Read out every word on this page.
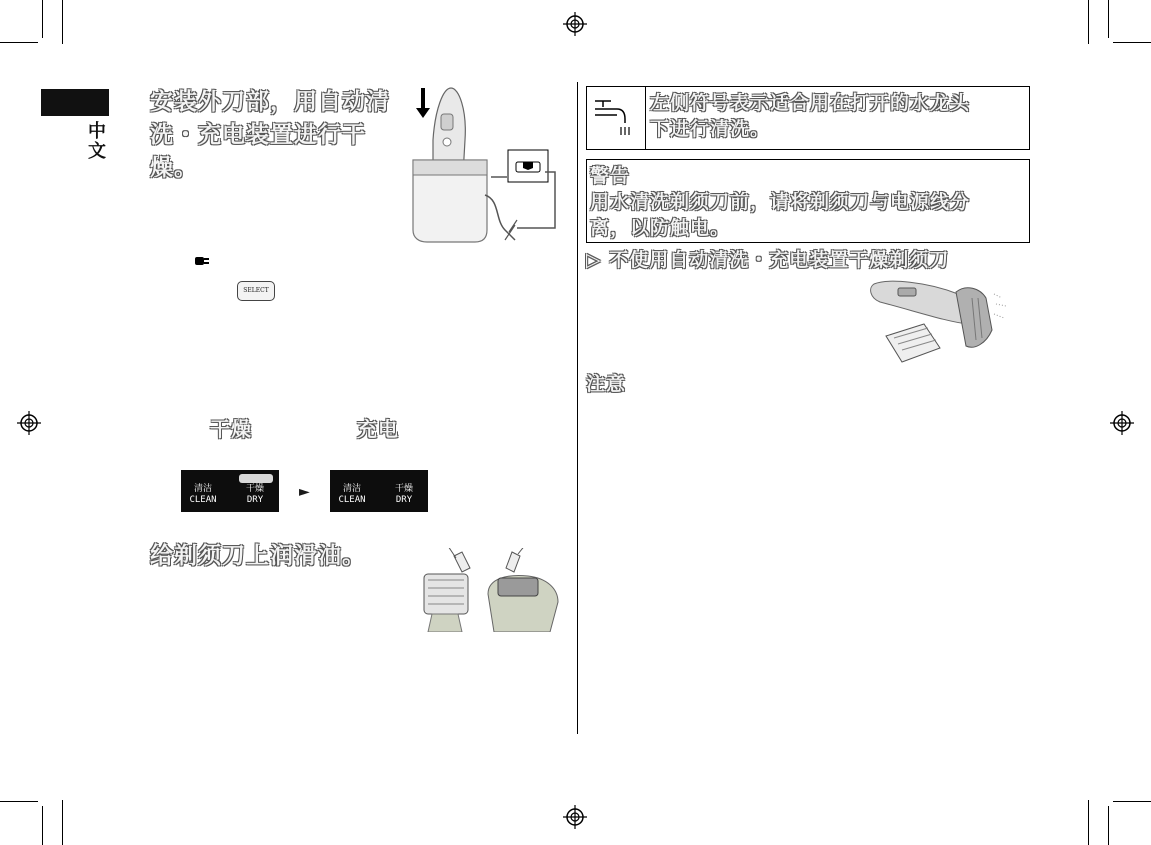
中文
安装外刀部，用自动清
洗・充电装置进行干燥。
SELECT
干燥	充电
清洁
CLEAN
干燥
DRY	►	清洁
CLEAN
干燥
DRY
给剃须刀上润滑油。
左侧符号表示适合用在打开的水龙头
下进行清洗。
警告
用水清洗剃须刀前，请将剃须刀与电源线分
离，以防触电。
▷ 不使用自动清洗・充电装置干燥剃须刀
注意
